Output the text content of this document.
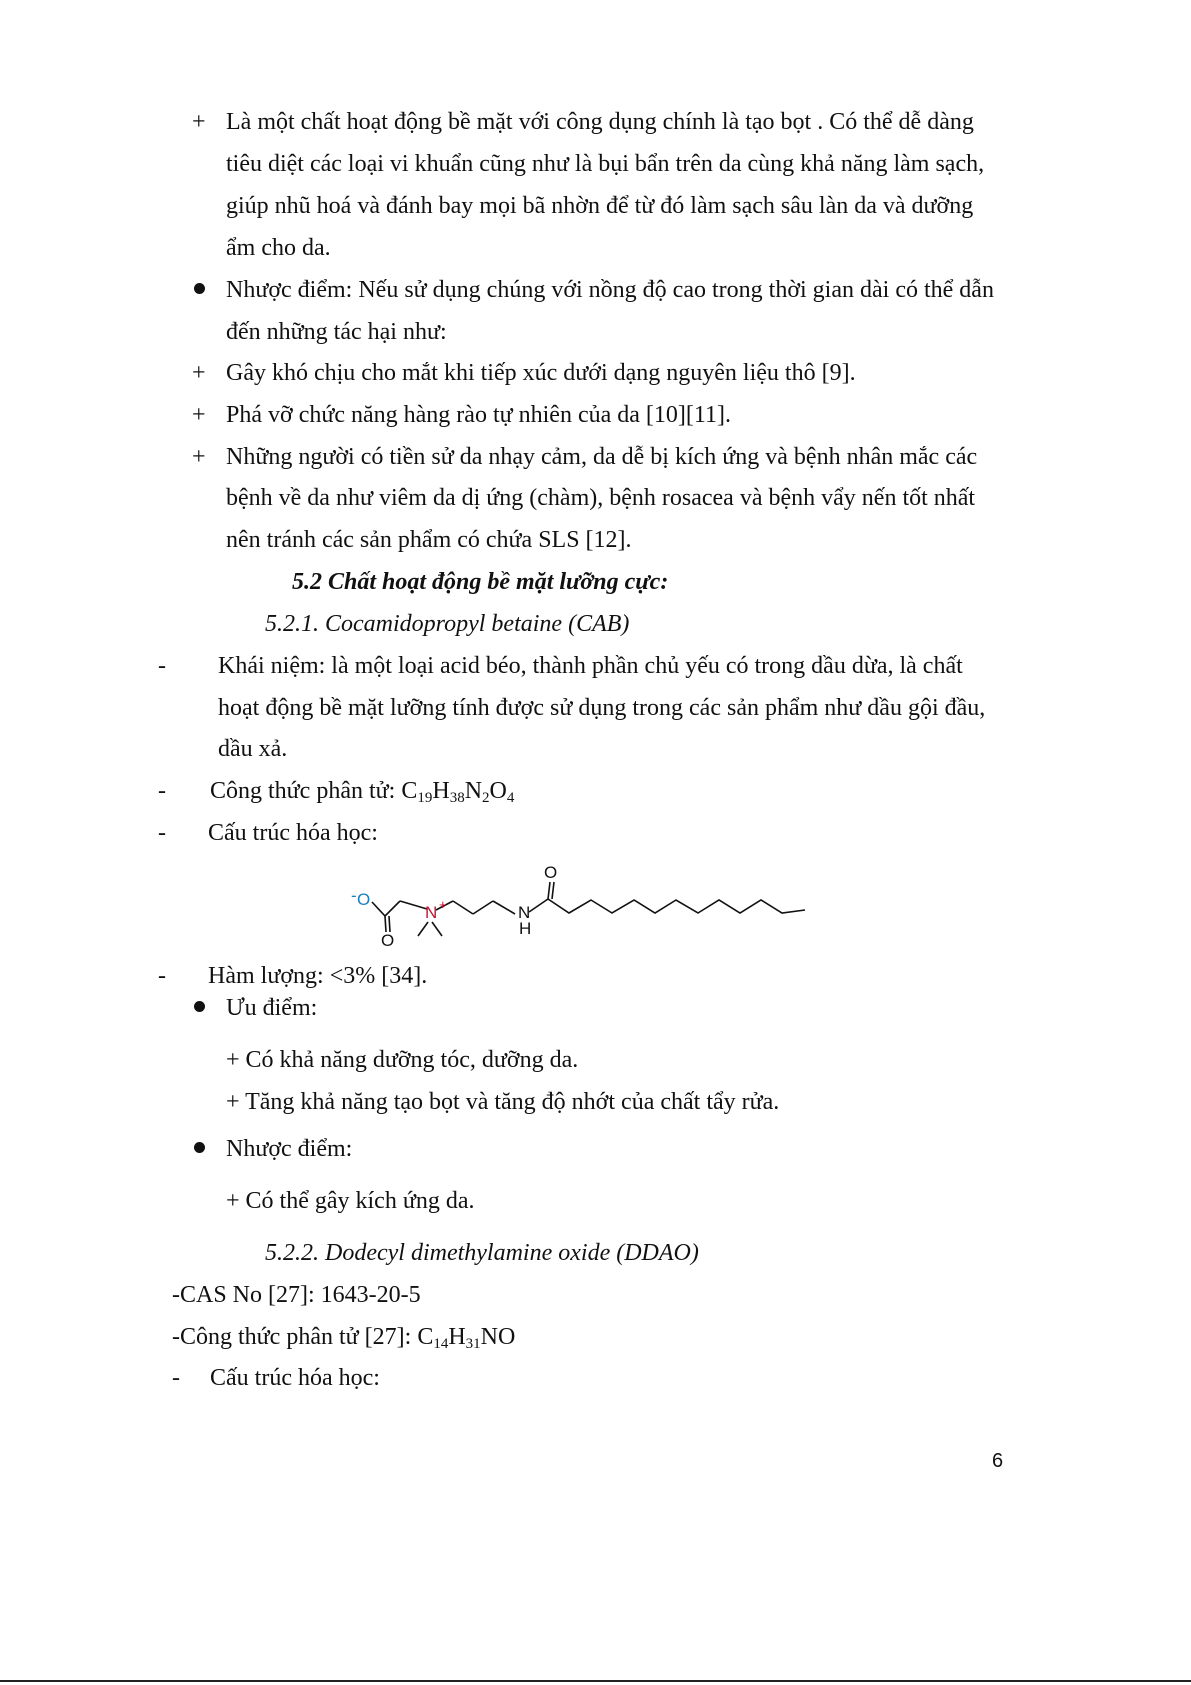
+ Là một chất hoạt động bề mặt với công dụng chính là tạo bọt . Có thể dễ dàng
tiêu diệt các loại vi khuẩn cũng như là bụi bẩn trên da cùng khả năng làm sạch,
giúp nhũ hoá và đánh bay mọi bã nhờn để từ đó làm sạch sâu làn da và dưỡng
ẩm cho da.
Nhược điểm: Nếu sử dụng chúng với nồng độ cao trong thời gian dài có thể dẫn
đến những tác hại như:
+ Gây khó chịu cho mắt khi tiếp xúc dưới dạng nguyên liệu thô [9].
+ Phá vỡ chức năng hàng rào tự nhiên của da [10][11].
+ Những người có tiền sử da nhạy cảm, da dễ bị kích ứng và bệnh nhân mắc các
bệnh về da như viêm da dị ứng (chàm), bệnh rosacea và bệnh vẩy nến tốt nhất
nên tránh các sản phẩm có chứa SLS [12].
5.2 Chất hoạt động bề mặt lưỡng cực:
5.2.1. Cocamidopropyl betaine (CAB)
- Khái niệm: là một loại acid béo, thành phần chủ yếu có trong dầu dừa, là chất
hoạt động bề mặt lưỡng tính được sử dụng trong các sản phẩm như dầu gội đầu,
dầu xả.
- Công thức phân tử: $C_{19}H_{38}N_2O_4$
- Cấu trúc hóa học:
- O
O
N +	N
H
O
- Hàm lượng: <3% [34].
Ưu điểm:
+ Có khả năng dưỡng tóc, dưỡng da.
+ Tăng khả năng tạo bọt và tăng độ nhớt của chất tẩy rửa.
Nhược điểm:
+ Có thể gây kích ứng da.
5.2.2. Dodecyl dimethylamine oxide (DDAO)
-CAS No [27]: 1643-20-5
-Công thức phân tử [27]: $C_{14}H_{31}NO$
- Cấu trúc hóa học:
6
